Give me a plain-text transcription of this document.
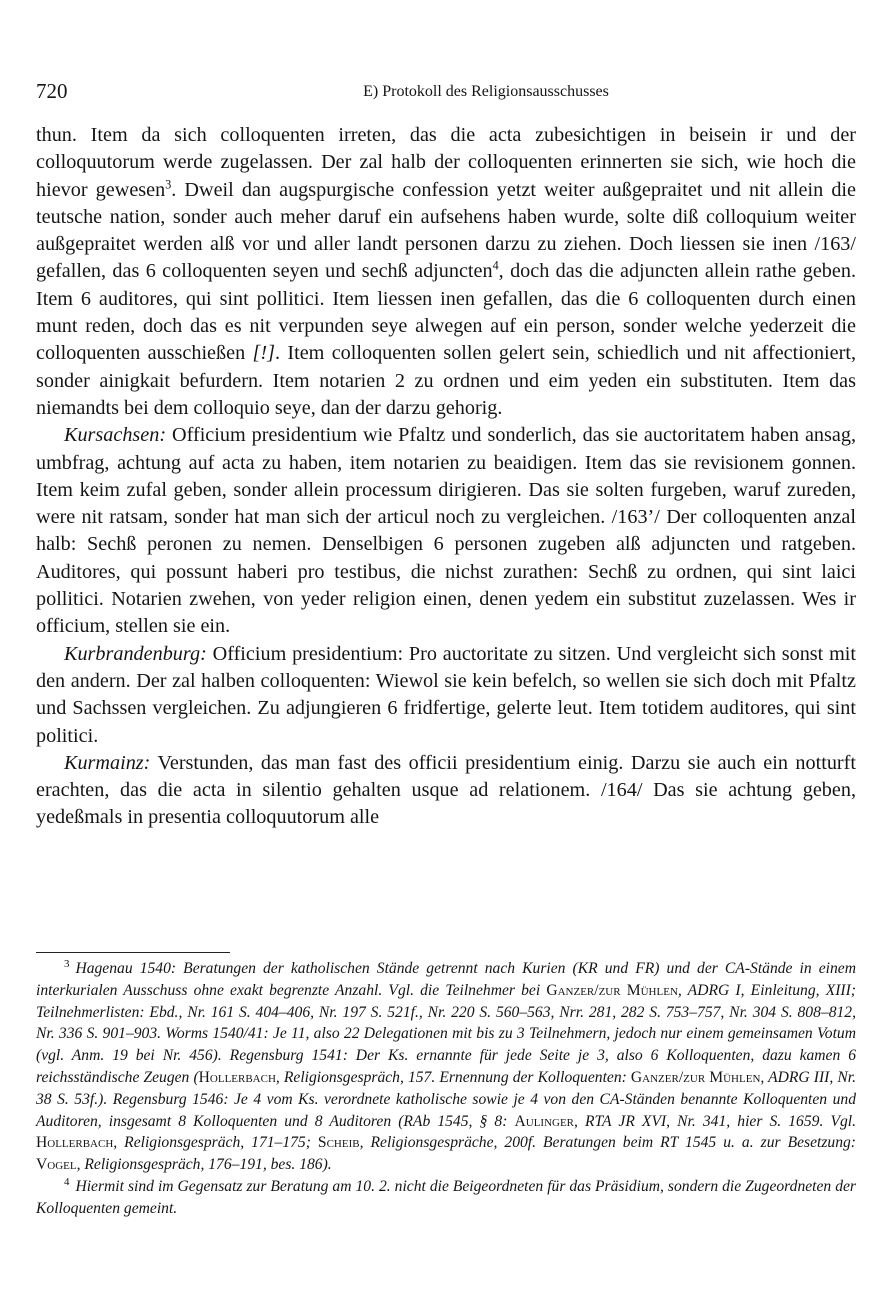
720	E) Protokoll des Religionsausschusses

thun. Item da sich colloquenten irreten, das die acta zubesichtigen in beisein ir und der colloquutorum werde zugelassen. Der zal halb der colloquenten erinnerten sie sich, wie hoch die hievor gewesen$^3$. Dweil dan augspurgische confession yetzt weiter außgepraitet und nit allein die teutsche nation, sonder auch meher daruf ein aufsehens haben wurde, solte diß colloquium weiter außgepraitet werden alß vor und aller landt personen darzu zu ziehen. Doch liessen sie inen /163/ gefallen, das 6 colloquenten seyen und sechß adjuncten$^4$, doch das die adjuncten allein rathe geben. Item 6 auditores, qui sint pollitici. Item liessen inen gefallen, das die 6 colloquenten durch einen munt reden, doch das es nit verpunden seye alwegen auf ein person, sonder welche yederzeit die colloquenten ausschießen [!]. Item colloquenten sollen gelert sein, schiedlich und nit affectioniert, sonder ainigkait befurdern. Item notarien 2 zu ordnen und eim yeden ein substituten. Item das niemandts bei dem colloquio seye, dan der darzu gehorig.

Kursachsen: Officium presidentium wie Pfaltz und sonderlich, das sie auctoritatem haben ansag, umbfrag, achtung auf acta zu haben, item notarien zu beaidigen. Item das sie revisionem gonnen. Item keim zufal geben, sonder allein processum dirigieren. Das sie solten furgeben, waruf zureden, were nit ratsam, sonder hat man sich der articul noch zu vergleichen. /163’/ Der colloquenten anzal halb: Sechß peronen zu nemen. Denselbigen 6 personen zugeben alß adjuncten und ratgeben. Auditores, qui possunt haberi pro testibus, die nichst zurathen: Sechß zu ordnen, qui sint laici pollitici. Notarien zwehen, von yeder religion einen, denen yedem ein substitut zuzelassen. Wes ir officium, stellen sie ein.

Kurbrandenburg: Officium presidentium: Pro auctoritate zu sitzen. Und vergleicht sich sonst mit den andern. Der zal halben colloquenten: Wiewol sie kein befelch, so wellen sie sich doch mit Pfaltz und Sachssen vergleichen. Zu adjungieren 6 fridfertige, gelerte leut. Item totidem auditores, qui sint politici.

Kurmainz: Verstunden, das man fast des officii presidentium einig. Darzu sie auch ein notturft erachten, das die acta in silentio gehalten usque ad relationem. /164/ Das sie achtung geben, yedeßmals in presentia colloquutorum alle

$^3$ Hagenau 1540: Beratungen der katholischen Stände getrennt nach Kurien (KR und FR) und der CA-Stände in einem interkurialen Ausschuss ohne exakt begrenzte Anzahl. Vgl. die Teilnehmer bei Ganzer/zur Mühlen, ADRG I, Einleitung, XIII; Teilnehmerlisten: Ebd., Nr. 161 S. 404–406, Nr. 197 S. 521f., Nr. 220 S. 560–563, Nrr. 281, 282 S. 753–757, Nr. 304 S. 808–812, Nr. 336 S. 901–903. Worms 1540/41: Je 11, also 22 Delegationen mit bis zu 3 Teilnehmern, jedoch nur einem gemeinsamen Votum (vgl. Anm. 19 bei Nr. 456). Regensburg 1541: Der Ks. ernannte für jede Seite je 3, also 6 Kolloquenten, dazu kamen 6 reichsständische Zeugen (Hollerbach, Religionsgespräch, 157. Ernennung der Kolloquenten: Ganzer/zur Mühlen, ADRG III, Nr. 38 S. 53f.). Regensburg 1546: Je 4 vom Ks. verordnete katholische sowie je 4 von den CA-Ständen benannte Kolloquenten und Auditoren, insgesamt 8 Kolloquenten und 8 Auditoren (RAb 1545, § 8: Aulinger, RTA JR XVI, Nr. 341, hier S. 1659. Vgl. Hollerbach, Religionsgespräch, 171–175; Scheib, Religionsgespräche, 200f. Beratungen beim RT 1545 u. a. zur Besetzung: Vogel, Religionsgespräch, 176–191, bes. 186).

$^4$ Hiermit sind im Gegensatz zur Beratung am 10. 2. nicht die Beigeordneten für das Präsidium, sondern die Zugeordneten der Kolloquenten gemeint.
